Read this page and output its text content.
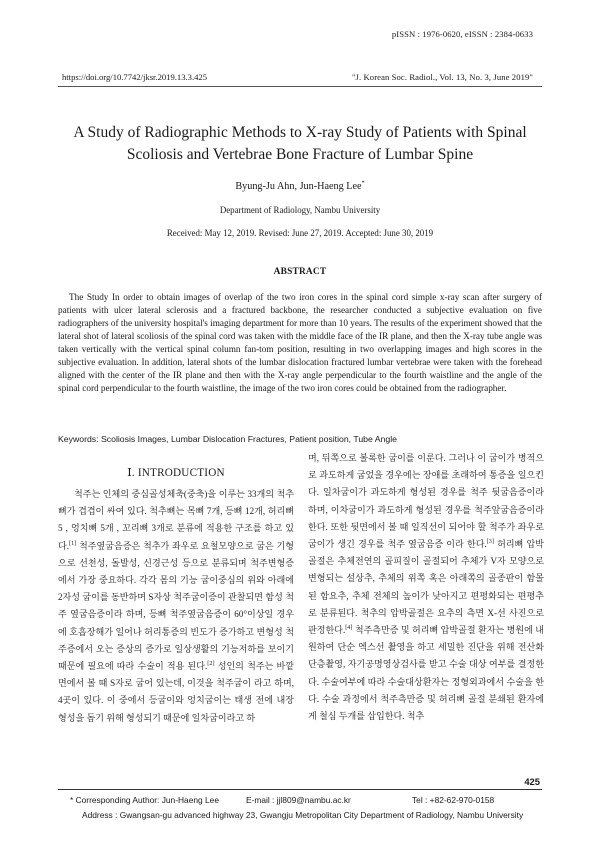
pISSN : 1976-0620, eISSN : 2384-0633
https://doi.org/10.7742/jksr.2019.13.3.425	"J. Korean Soc. Radiol., Vol. 13, No. 3, June 2019"
A Study of Radiographic Methods to X-ray Study of Patients with Spinal
Scoliosis and Vertebrae Bone Fracture of Lumbar Spine
Byung-Ju Ahn, Jun-Haeng Lee*
Department of Radiology, Nambu University
Received: May 12, 2019. Revised: June 27, 2019. Accepted: June 30, 2019
ABSTRACT
The Study In order to obtain images of overlap of the two iron cores in the spinal cord simple x-ray scan after surgery of patients with ulcer lateral sclerosis and a fractured backbone, the researcher conducted a subjective evaluation on five radiographers of the university hospital's imaging department for more than 10 years. The results of the experiment showed that the lateral shot of lateral scoliosis of the spinal cord was taken with the middle face of the IR plane, and then the X-ray tube angle was taken vertically with the vertical spinal column fan-tom position, resulting in two overlapping images and high scores in the subjective evaluation. In addition, lateral shots of the lumbar dislocation fractured lumbar vertebrae were taken with the forehead aligned with the center of the IR plane and then with the X-ray angle perpendicular to the fourth waistline and the angle of the spinal cord perpendicular to the fourth waistline, the image of the two iron cores could be obtained from the radiographer.
Keywords: Scoliosis Images, Lumbar Dislocation Fractures, Patient position, Tube Angle
Ⅰ. INTRODUCTION

척주는 인체의 중심골성체축(중축)을 이루는 33개의 척추뼈가 겹겹이 싸여 있다. 척추뼈는 목뼈 7개, 등뼈 12개, 허리뼈 5 , 엉치뼈 5개 , 꼬리뼈 3개로 분류에 적용한 구조를 하고 있다.[1] 척주옆굽음증은 척추가 좌우로 요철모양으로 굽은 기형으로 선천성, 돌발성, 신경근성 등으로 분류되며 척주변형증에서 가장 중요하다. 각각 몸의 기능 굽이중심의 위와 아래에 2자성 굽이를 동반하며 S자상 척주굽이증이 관찰되면 함성 척주 옆굽음증이라 하며, 등뼈 척주옆굽음증이 60°이상일 경우에 호흡장해가 일어나 허리통증의 빈도가 증가하고 변형성 척주증에서 오는 증상의 증가로 일상생활의 기능저하를 보이기 때문에 필요에 따라 수술이 적용 된다.[2] 성인의 척주는 바깥면에서 볼 때 S자로 굽어 있는데, 이것을 척주굽이 라고 하며, 4곳이 있다. 이 중에서 등굽이와 엉치굽이는 태생 전에 내장 형성을 돕기 위해 형성되기 때문에 일차굽이라고 하

며, 뒤쪽으로 볼록한 굽이를 이룬다. 그러나 이 굽이가 병적으로 과도하게 굽었을 경우에는 장애를 초래하여 통증을 일으킨다. 일차굽이가 과도하게 형성된 경우를 척주 뒷굽음증이라 하며, 이차굽이가 과도하게 형성된 경우를 척주앞굽음증이라 한다. 또한 뒷면에서 볼 때 일직선이 되어야 할 척주가 좌우로 굽이가 생긴 경우를 척주 옆굽음증 이라 한다.[3] 허리뼈 압박골절은 추체전연의 골피질이 골절되어 추체가 V자 모양으로 변형되는 설상추, 추체의 위쪽 혹은 아래쪽의 골종판이 함몰된 함요추, 추체 전체의 높이가 낮아지고 편평화되는 편평추로 분류된다. 척추의 압박골절은 요추의 측면 X-선 사진으로 판정한다.[4] 척주측만증 및 허리뼈 압박골절 환자는 병원에 내원하여 단순 엑스선 촬영을 하고 세밀한 진단을 위해 전산화단층촬영, 자기공명영상검사를 받고 수술 대상 여부를 결정한다. 수술여부에 따라 수술대상환자는 정형외과에서 수술을 한다. 수술 과정에서 척주측만증 및 허리뼈 골절 분쇄된 환자에게 철심 두개를 삽입한다. 척추

425
* Corresponding Author: Jun-Haeng Lee	E-mail : jjl809@nambu.ac.kr	Tel : +82-62-970-0158
Address : Gwangsan-gu advanced highway 23, Gwangju Metropolitan City Department of Radiology, Nambu University
